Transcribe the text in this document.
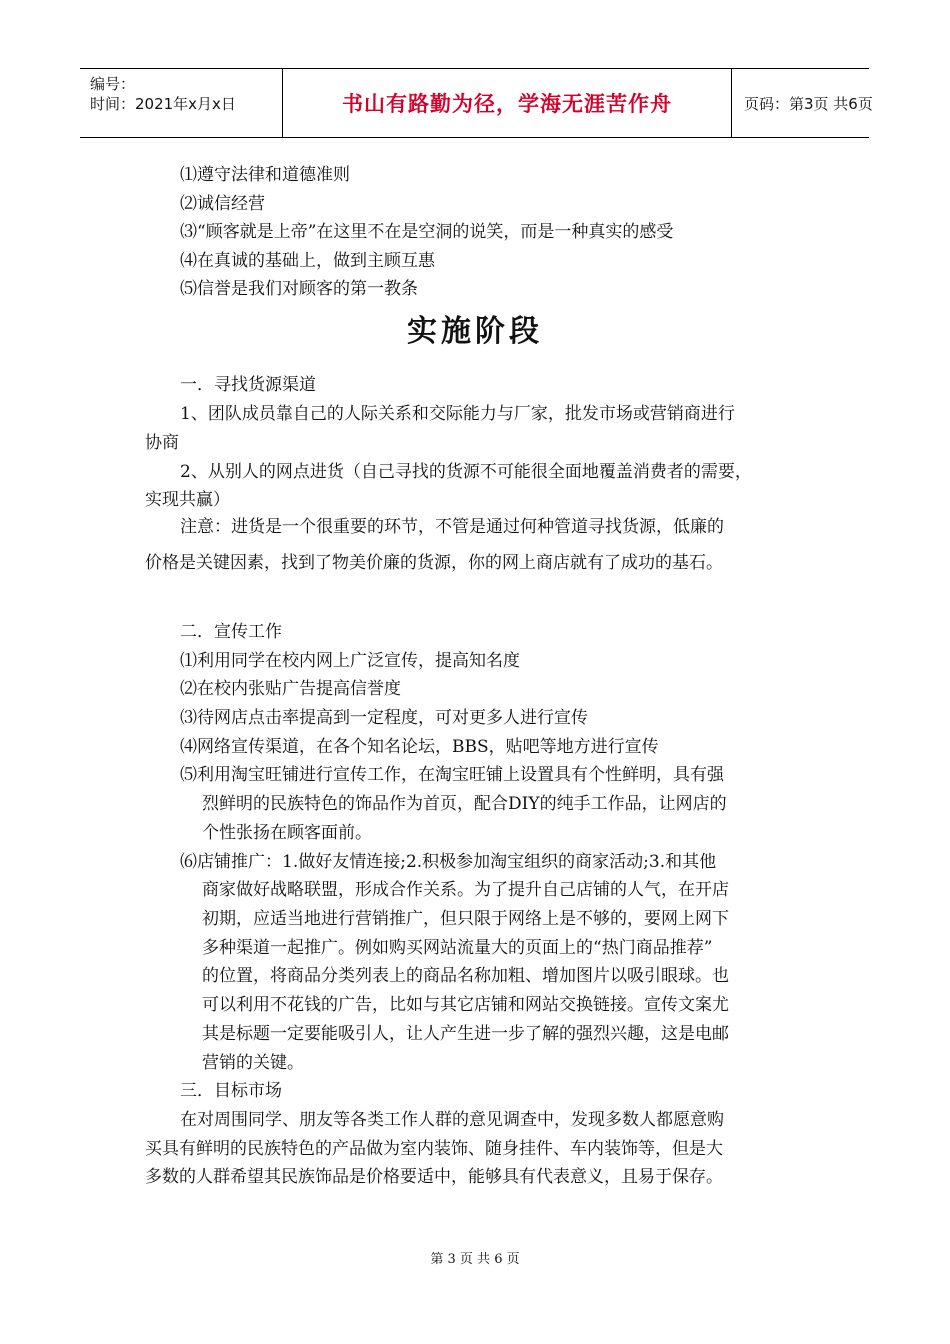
编号：
时间：2021年x月x日	书山有路勤为径，学海无涯苦作舟	页码：第3页 共6页
⑴遵守法律和道德准则
⑵诚信经营
⑶“顾客就是上帝”在这里不在是空洞的说笑，而是一种真实的感受
⑷在真诚的基础上，做到主顾互惠
⑸信誉是我们对顾客的第一教条
实施阶段
一．寻找货源渠道
1、团队成员靠自己的人际关系和交际能力与厂家，批发市场或营销商进行
协商
2、从别人的网点进货（自己寻找的货源不可能很全面地覆盖消费者的需要，
实现共赢）
注意：进货是一个很重要的环节，不管是通过何种管道寻找货源，低廉的
价格是关键因素，找到了物美价廉的货源，你的网上商店就有了成功的基石。
二．宣传工作
⑴利用同学在校内网上广泛宣传，提高知名度
⑵在校内张贴广告提高信誉度
⑶待网店点击率提高到一定程度，可对更多人进行宣传
⑷网络宣传渠道，在各个知名论坛，BBS，贴吧等地方进行宣传
⑸利用淘宝旺铺进行宣传工作，在淘宝旺铺上设置具有个性鲜明，具有强
烈鲜明的民族特色的饰品作为首页，配合DIY的纯手工作品，让网店的
个性张扬在顾客面前。
⑹店铺推广：1.做好友情连接;2.积极参加淘宝组织的商家活动;3.和其他
商家做好战略联盟，形成合作关系。为了提升自己店铺的人气，在开店
初期，应适当地进行营销推广，但只限于网络上是不够的，要网上网下
多种渠道一起推广。例如购买网站流量大的页面上的“热门商品推荐”
的位置，将商品分类列表上的商品名称加粗、增加图片以吸引眼球。也
可以利用不花钱的广告，比如与其它店铺和网站交换链接。宣传文案尤
其是标题一定要能吸引人，让人产生进一步了解的强烈兴趣，这是电邮
营销的关键。
三．目标市场
在对周围同学、朋友等各类工作人群的意见调查中，发现多数人都愿意购
买具有鲜明的民族特色的产品做为室内装饰、随身挂件、车内装饰等，但是大
多数的人群希望其民族饰品是价格要适中，能够具有代表意义，且易于保存。
第 3 页 共 6 页
